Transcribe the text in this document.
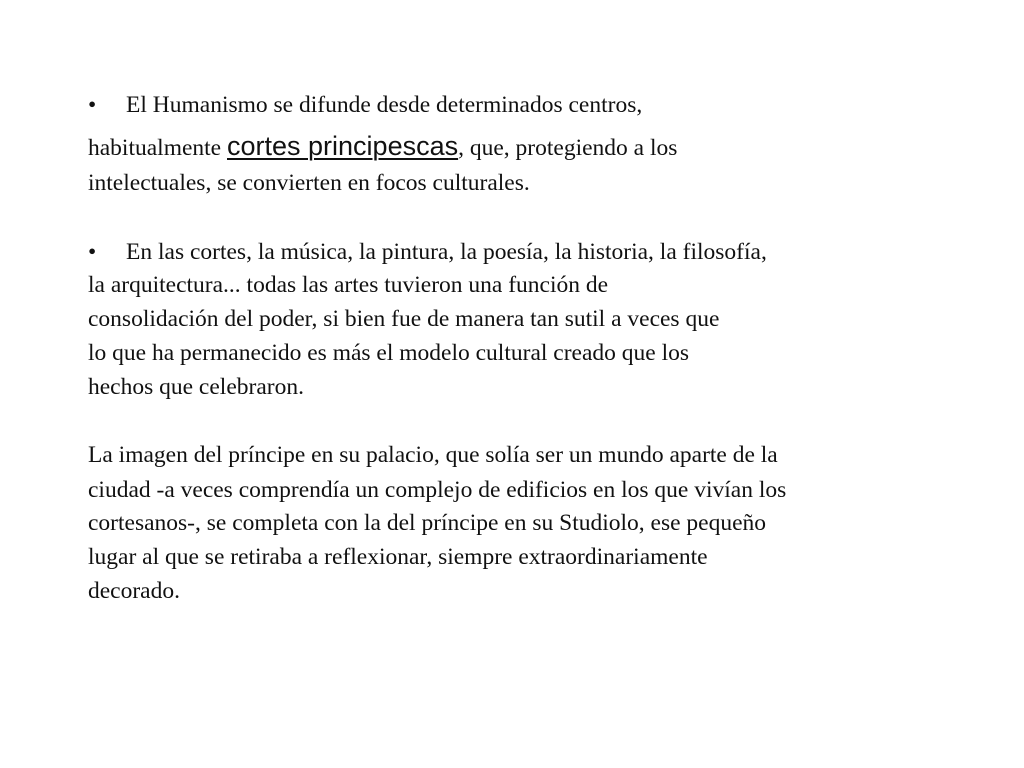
• El Humanismo se difunde desde determinados centros,
habitualmente cortes principescas, que, protegiendo a los
intelectuales, se convierten en focos culturales.
• En las cortes, la música, la pintura, la poesía, la historia, la filosofía,
la arquitectura... todas las artes tuvieron una función de
consolidación del poder, si bien fue de manera tan sutil a veces que
lo que ha permanecido es más el modelo cultural creado que los
hechos que celebraron.
La imagen del príncipe en su palacio, que solía ser un mundo aparte de la
ciudad -a veces comprendía un complejo de edificios en los que vivían los
cortesanos-, se completa con la del príncipe en su Studiolo, ese pequeño
lugar al que se retiraba a reflexionar, siempre extraordinariamente
decorado.
